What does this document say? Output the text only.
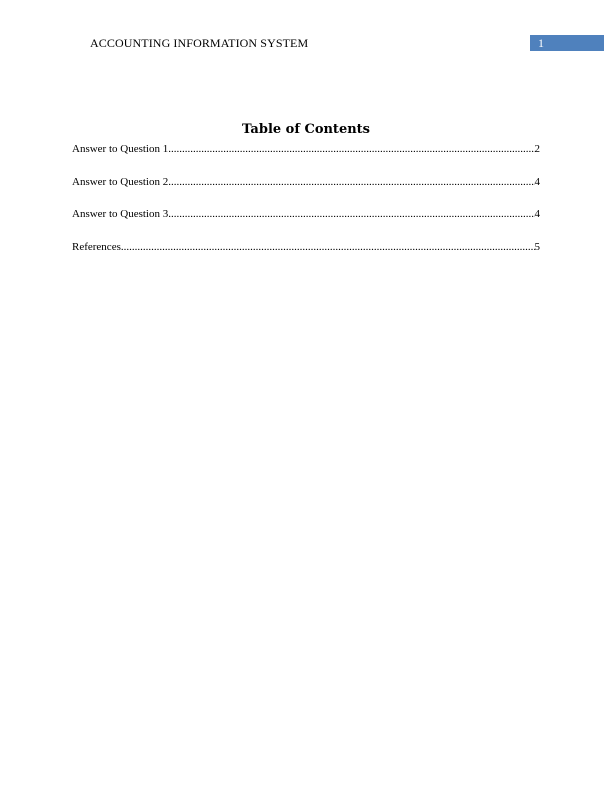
ACCOUNTING INFORMATION SYSTEM	1
Table of Contents
Answer to Question 1 .....	2
Answer to Question 2 .....	4
Answer to Question 3 .....	4
References .....	5
